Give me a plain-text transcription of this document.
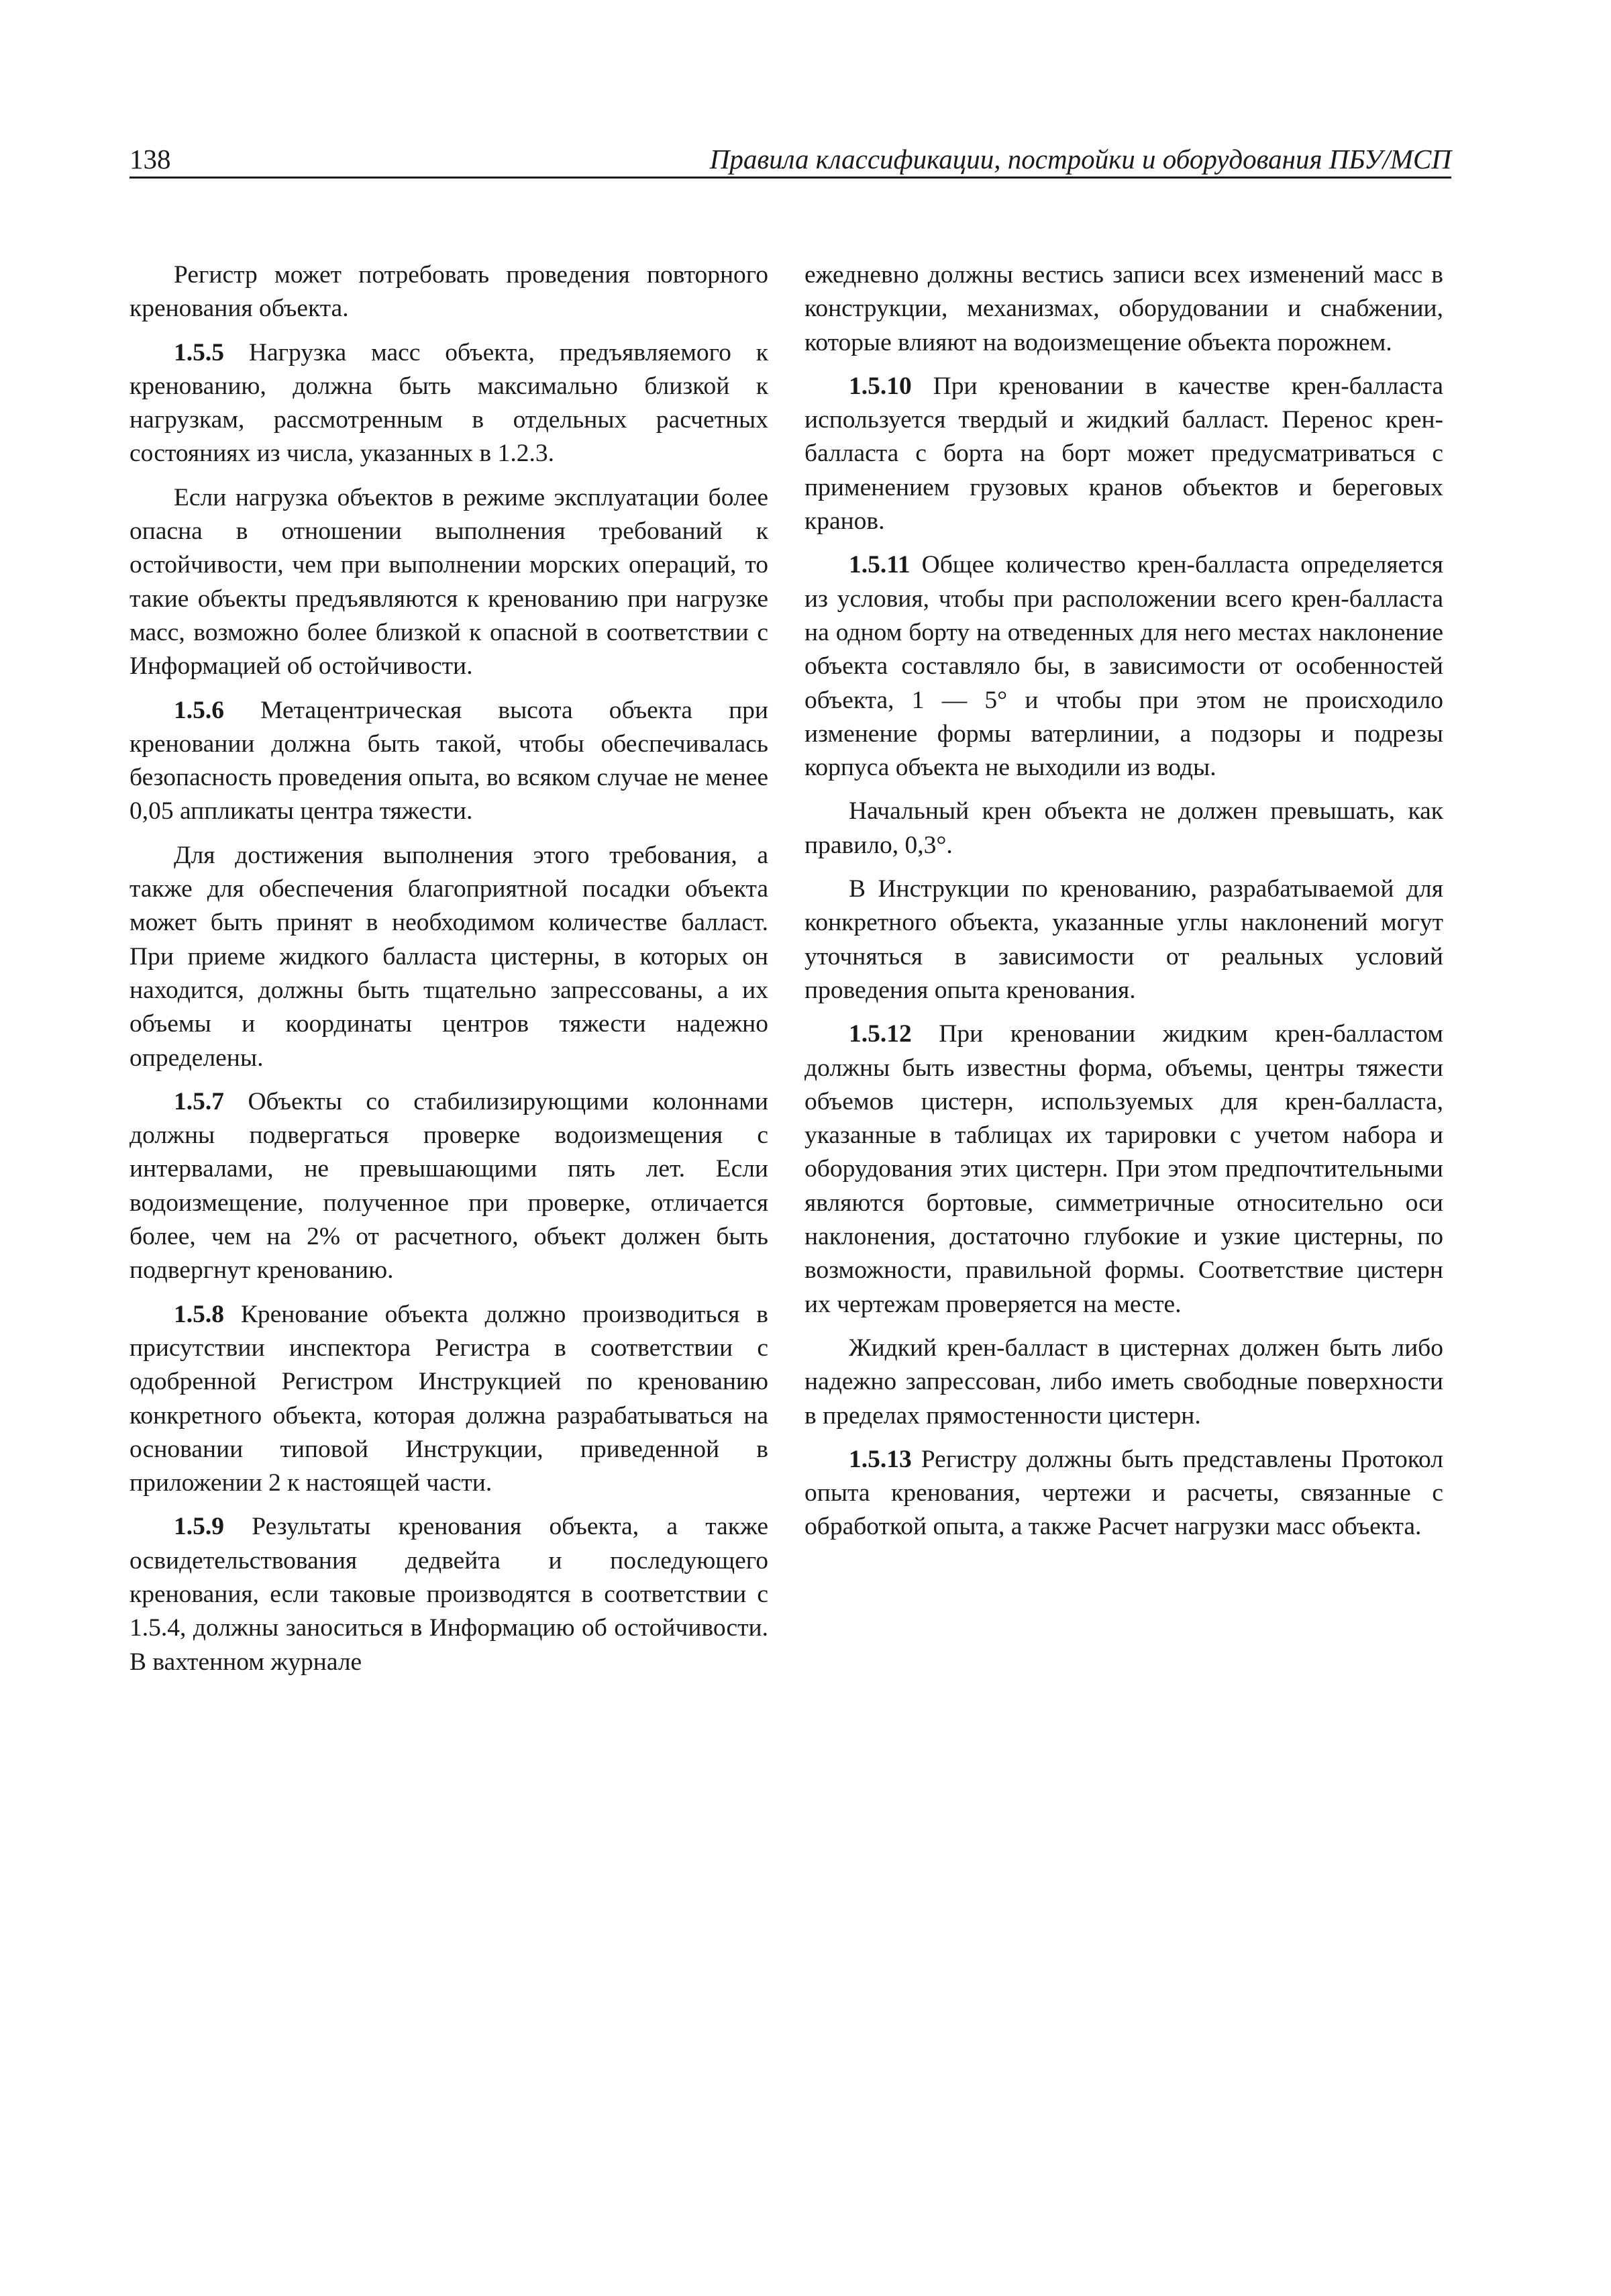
138	Правила классификации, постройки и оборудования ПБУ/МСП

Регистр может потребовать проведения повторного кренования объекта.

1.5.5 Нагрузка масс объекта, предъявляемого к кренованию, должна быть максимально близкой к нагрузкам, рассмотренным в отдельных расчетных состояниях из числа, указанных в 1.2.3.

Если нагрузка объектов в режиме эксплуатации более опасна в отношении выполнения требований к остойчивости, чем при выполнении морских операций, то такие объекты предъявляются к кренованию при нагрузке масс, возможно более близкой к опасной в соответствии с Информацией об остойчивости.

1.5.6 Метацентрическая высота объекта при креновании должна быть такой, чтобы обеспечивалась безопасность проведения опыта, во всяком случае не менее 0,05 аппликаты центра тяжести.

Для достижения выполнения этого требования, а также для обеспечения благоприятной посадки объекта может быть принят в необходимом количестве балласт. При приеме жидкого балласта цистерны, в которых он находится, должны быть тщательно запрессованы, а их объемы и координаты центров тяжести надежно определены.

1.5.7 Объекты со стабилизирующими колоннами должны подвергаться проверке водоизмещения с интервалами, не превышающими пять лет. Если водоизмещение, полученное при проверке, отличается более, чем на 2% от расчетного, объект должен быть подвергнут кренованию.

1.5.8 Кренование объекта должно производиться в присутствии инспектора Регистра в соответствии с одобренной Регистром Инструкцией по кренованию конкретного объекта, которая должна разрабатываться на основании типовой Инструкции, приведенной в приложении 2 к настоящей части.

1.5.9 Результаты кренования объекта, а также освидетельствования дедвейта и последующего кренования, если таковые производятся в соответствии с 1.5.4, должны заноситься в Информацию об остойчивости. В вахтенном журнале

ежедневно должны вестись записи всех изменений масс в конструкции, механизмах, оборудовании и снабжении, которые влияют на водоизмещение объекта порожнем.

1.5.10 При креновании в качестве крен-балласта используется твердый и жидкий балласт. Перенос крен-балласта с борта на борт может предусматриваться с применением грузовых кранов объектов и береговых кранов.

1.5.11 Общее количество крен-балласта определяется из условия, чтобы при расположении всего крен-балласта на одном борту на отведенных для него местах наклонение объекта составляло бы, в зависимости от особенностей объекта, 1 — 5° и чтобы при этом не происходило изменение формы ватерлинии, а подзоры и подрезы корпуса объекта не выходили из воды.

Начальный крен объекта не должен превышать, как правило, 0,3°.

В Инструкции по кренованию, разрабатываемой для конкретного объекта, указанные углы наклонений могут уточняться в зависимости от реальных условий проведения опыта кренования.

1.5.12 При креновании жидким крен-балластом должны быть известны форма, объемы, центры тяжести объемов цистерн, используемых для крен-балласта, указанные в таблицах их тарировки с учетом набора и оборудования этих цистерн. При этом предпочтительными являются бортовые, симметричные относительно оси наклонения, достаточно глубокие и узкие цистерны, по возможности, правильной формы. Соответствие цистерн их чертежам проверяется на месте.

Жидкий крен-балласт в цистернах должен быть либо надежно запрессован, либо иметь свободные поверхности в пределах прямостенности цистерн.

1.5.13 Регистру должны быть представлены Протокол опыта кренования, чертежи и расчеты, связанные с обработкой опыта, а также Расчет нагрузки масс объекта.
